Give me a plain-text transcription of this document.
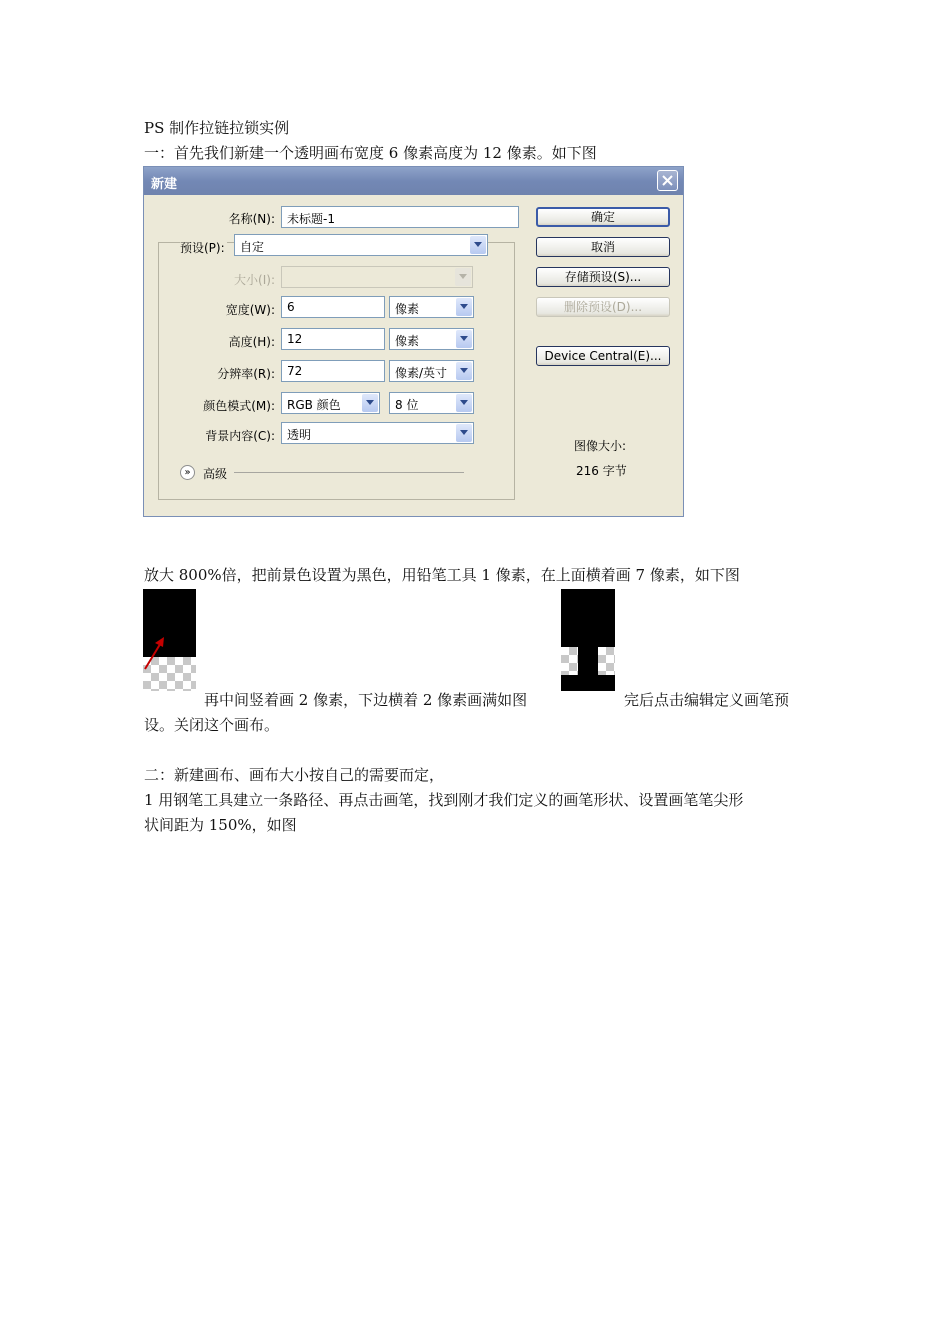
PS 制作拉链拉锁实例
一：首先我们新建一个透明画布宽度 6 像素高度为 12 像素。如下图
新建
名称(N):	未标题-1
预设(P):	自定
大小(I):
宽度(W):	6	像素
高度(H):	12	像素
分辨率(R):	72	像素/英寸
颜色模式(M):	RGB 颜色	8 位
背景内容(C):	透明
»	高级
确定
取消
存储预设(S)...
删除预设(D)...
Device Central(E)...
图像大小:
216 字节
放大 800%倍，把前景色设置为黑色，用铅笔工具 1 像素，在上面横着画 7 像素，如下图
再中间竖着画 2 像素，下边横着 2 像素画满如图	完后点击编辑定义画笔预
设。关闭这个画布。
二：新建画布、画布大小按自己的需要而定，
1 用钢笔工具建立一条路径、再点击画笔，找到刚才我们定义的画笔形状、设置画笔笔尖形
状间距为 150%，如图
